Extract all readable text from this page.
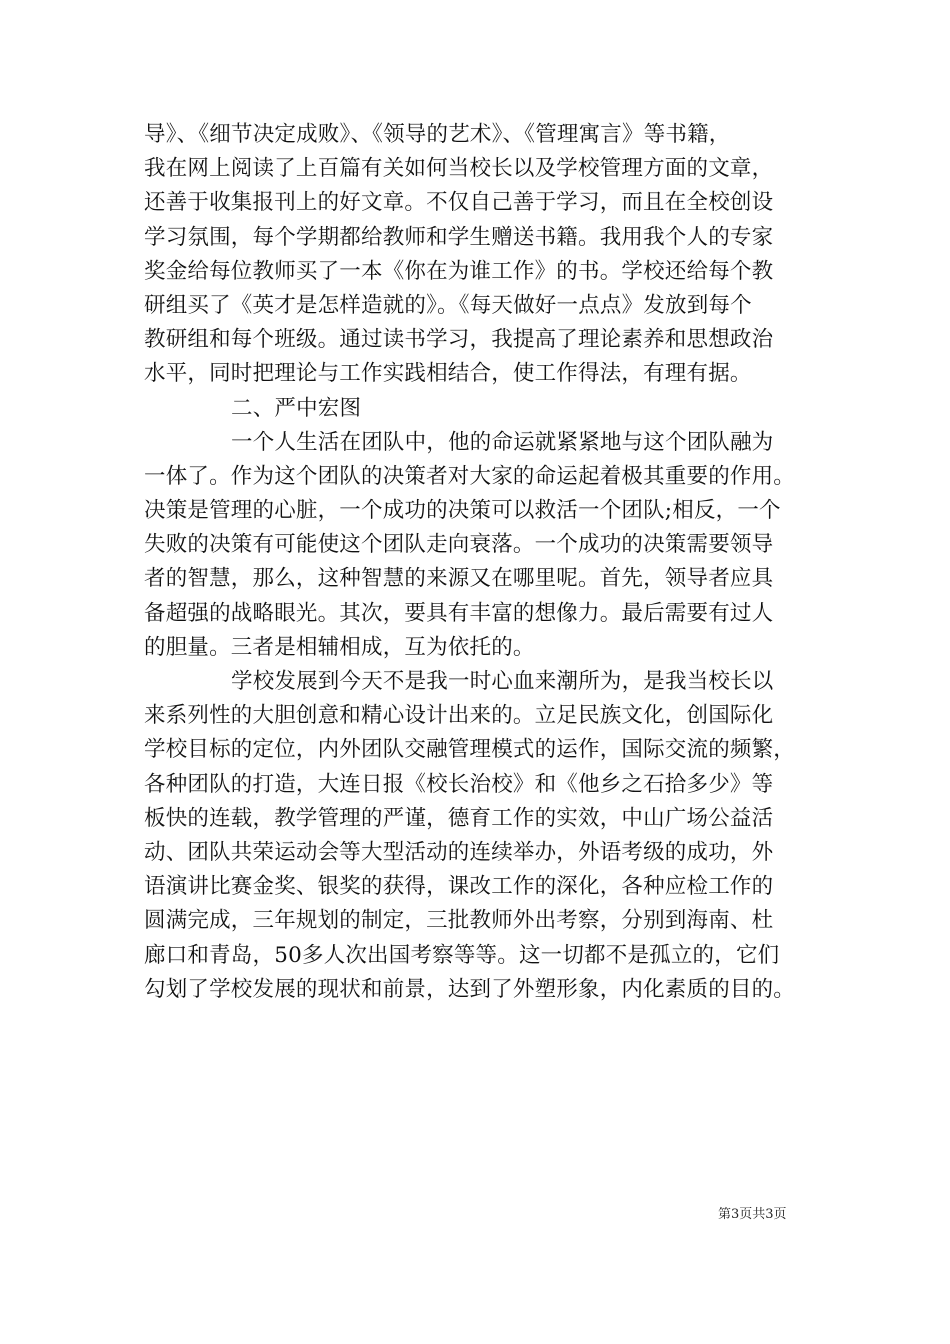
导》、《细节决定成败》、《领导的艺术》、《管理寓言》等书籍，
我在网上阅读了上百篇有关如何当校长以及学校管理方面的文章，
还善于收集报刊上的好文章。不仅自己善于学习，而且在全校创设
学习氛围，每个学期都给教师和学生赠送书籍。我用我个人的专家
奖金给每位教师买了一本《你在为谁工作》的书。学校还给每个教
研组买了《英才是怎样造就的》。《每天做好一点点》发放到每个
教研组和每个班级。通过读书学习，我提高了理论素养和思想政治
水平，同时把理论与工作实践相结合，使工作得法，有理有据。
二、严中宏图
一个人生活在团队中，他的命运就紧紧地与这个团队融为
一体了。作为这个团队的决策者对大家的命运起着极其重要的作用。
决策是管理的心脏，一个成功的决策可以救活一个团队;相反，一个
失败的决策有可能使这个团队走向衰落。一个成功的决策需要领导
者的智慧，那么，这种智慧的来源又在哪里呢。首先，领导者应具
备超强的战略眼光。其次，要具有丰富的想像力。最后需要有过人
的胆量。三者是相辅相成，互为依托的。
学校发展到今天不是我一时心血来潮所为，是我当校长以
来系列性的大胆创意和精心设计出来的。立足民族文化，创国际化
学校目标的定位，内外团队交融管理模式的运作，国际交流的频繁，
各种团队的打造，大连日报《校长治校》和《他乡之石拾多少》等
板快的连载，教学管理的严谨，德育工作的实效，中山广场公益活
动、团队共荣运动会等大型活动的连续举办，外语考级的成功，外
语演讲比赛金奖、银奖的获得，课改工作的深化，各种应检工作的
圆满完成，三年规划的制定，三批教师外出考察，分别到海南、杜
廊口和青岛，50多人次出国考察等等。这一切都不是孤立的，它们
勾划了学校发展的现状和前景，达到了外塑形象，内化素质的目的。
第3页共3页
